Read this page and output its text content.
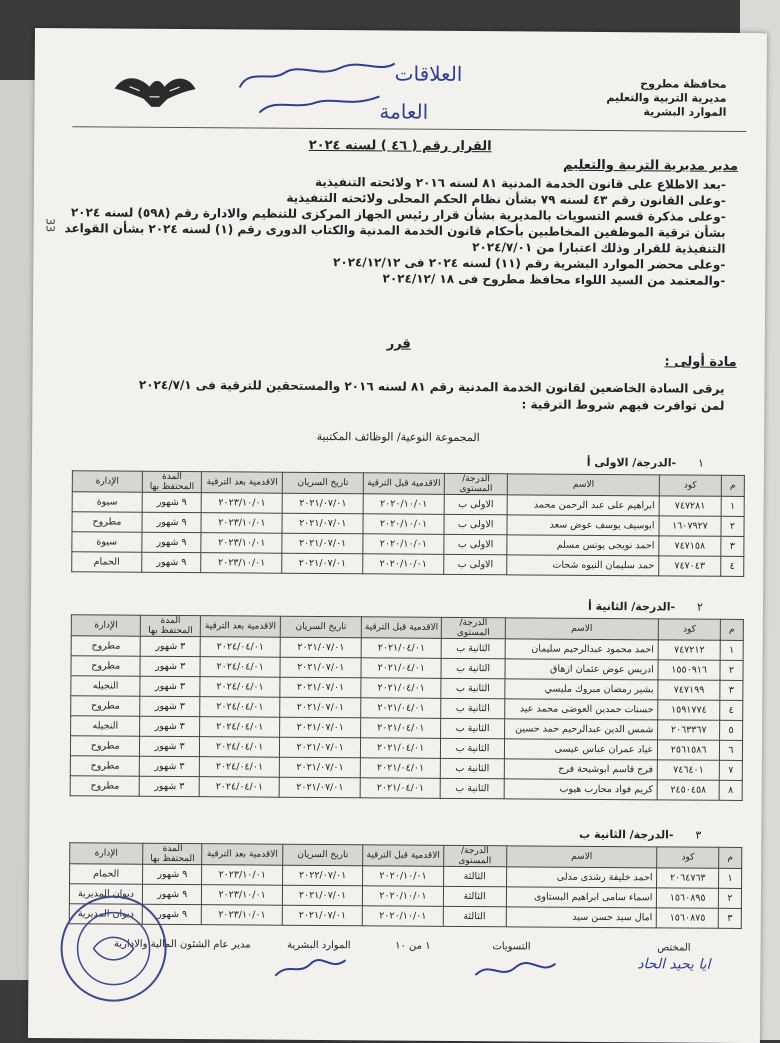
محافظة مطروح
مديرية التربية والتعليم
الموارد البشرية
العلاقات
العامة
33
القرار رقم ( ٤٦ ) لسنه ٢٠٢٤
مدير مديرية التربية والتعليم

-بعد الاطلاع على قانون الخدمة المدنية ٨١ لسنه ٢٠١٦ ولائحته التنفيذية

-وعلى القانون رقم ٤٣ لسنه ٧٩ بشأن نظام الحكم المحلى ولائحته التنفيذية

-وعلى مذكرة قسم التسويات بالمديرية بشأن قرار رئيس الجهاز المركزى للتنظيم والادارة رقم (٥٩٨) لسنه ٢٠٢٤

بشأن ترقية الموظفين المخاطبين بأحكام قانون الخدمة المدنية والكتاب الدورى رقم (١) لسنه ٢٠٢٤ بشأن القواعد

التنفيذية للقرار وذلك اعتبارا من ٢٠٢٤/٧/٠١

-وعلى محضر الموارد البشرية رقم (١١) لسنه ٢٠٢٤ فى ٢٠٢٤/١٢/١٢

-والمعتمد من السيد اللواء محافظ مطروح فى ١٨ /٢٠٢٤/١٢

قرر
مادة أولى :

يرقى السادة الخاضعين لقانون الخدمة المدنية رقم ٨١ لسنه ٢٠١٦ والمستحقين للترقية فى ٢٠٢٤/٧/١

لمن توافرت فيهم شروط الترقية :

المجموعة النوعية/ الوظائف المكتبية
١-الدرجة/ الاولى أ
م	كود	الاسم	الدرجة/المستوى	الاقدمية قبل الترقية	تاريخ السريان	الاقدمية بعد الترقية	المدة المحتفظ بها	الإدارة
١	٧٤٧٢٨١	ابراهيم على عبد الرحمن محمد	الاولى ب	٢٠٢٠/١٠/٠١	٢٠٢١/٠٧/٠١	٢٠٢٣/١٠/٠١	٩ شهور	سيوة
٢	١٦٠٧٩٢٧	ابوسيف يوسف عوض سعد	الاولى ب	٢٠٢٠/١٠/٠١	٢٠٢١/٠٧/٠١	٢٠٢٣/١٠/٠١	٩ شهور	مطروح
٣	٧٤٧١٥٨	احمد نويجى يونس مسلم	الاولى ب	٢٠٢٠/١٠/٠١	٢٠٢١/٠٧/٠١	٢٠٢٣/١٠/٠١	٩ شهور	سيوة
٤	٧٤٧٠٤٣	حمد سليمان النيوه شحات	الاولى ب	٢٠٢٠/١٠/٠١	٢٠٢١/٠٧/٠١	٢٠٢٣/١٠/٠١	٩ شهور	الحمام
٢-الدرجة/ الثانية أ
م	كود	الاسم	الدرجة/المستوى	الاقدمية قبل الترقية	تاريخ السريان	الاقدمية بعد الترقية	المدة المحتفظ بها	الإدارة
١	٧٤٧٢١٢	احمد محمود عبدالرحيم سليمان	الثانية ب	٢٠٢١/٠٤/٠١	٢٠٢١/٠٧/٠١	٢٠٢٤/٠٤/٠١	٣ شهور	مطروح
٢	١٥٥٠٩١٦	ادريس عوض عثمان ازهاق	الثانية ب	٢٠٢١/٠٤/٠١	٢٠٢١/٠٧/٠١	٢٠٢٤/٠٤/٠١	٣ شهور	مطروح
٣	٧٤٧١٩٩	بشير رمضان مبروك مليسي	الثانية ب	٢٠٢١/٠٤/٠١	٢٠٢١/٠٧/٠١	٢٠٢٤/٠٤/٠١	٣ شهور	النجيله
٤	١٥٩١٧٧٤	حسنات حمدين العوضى محمد عيد	الثانية ب	٢٠٢١/٠٤/٠١	٢٠٢١/٠٧/٠١	٢٠٢٤/٠٤/٠١	٣ شهور	مطروح
٥	٢٠٦٣٣٦٧	شمس الدين عبدالرحيم حمد حسين	الثانية ب	٢٠٢١/٠٤/٠١	٢٠٢١/٠٧/٠١	٢٠٢٤/٠٤/٠١	٣ شهور	النجيله
٦	٢٥٦١٥٨٦	عياد عمران عباس عيسى	الثانية ب	٢٠٢١/٠٤/٠١	٢٠٢١/٠٧/٠١	٢٠٢٤/٠٤/٠١	٣ شهور	مطروح
٧	٧٤٦٤٠١	فرج قاسم ابوشيحة فرج	الثانية ب	٢٠٢١/٠٤/٠١	٢٠٢١/٠٧/٠١	٢٠٢٤/٠٤/٠١	٣ شهور	مطروح
٨	٢٤٥٠٤٥٨	كريم فواد محارب هيوب	الثانية ب	٢٠٢١/٠٤/٠١	٢٠٢١/٠٧/٠١	٢٠٢٤/٠٤/٠١	٣ شهور	مطروح
٣-الدرجة/ الثانية ب
م	كود	الاسم	الدرجة/المستوى	الاقدمية قبل الترقية	تاريخ السريان	الاقدمية بعد الترقية	المدة المحتفظ بها	الإدارة
١	٢٠٦٤٧٦٣	احمد خليفة رشدى مدلى	الثالثة	٢٠٢٠/١٠/٠١	٢٠٢٢/٠٧/٠١	٢٠٢٣/١٠/٠١	٩ شهور	الحمام
٢	١٥٦٠٨٩٥	اسماء سامى ابراهيم البستاوى	الثالثة	٢٠٢٠/١٠/٠١	٢٠٢١/٠٧/٠١	٢٠٢٣/١٠/٠١	٩ شهور	ديوان المديرية
٣	١٥٦٠٨٧٥	امال سيد حسن سيد	الثالثة	٢٠٢٠/١٠/٠١	٢٠٢١/٠٧/٠١	٢٠٢٣/١٠/٠١	٩ شهور	ديوان المديرية
المختص
ايا يحيد الحاد
التسويات
١ من ١٠
الموارد البشرية
مدير عام الشئون المالية والادارية
